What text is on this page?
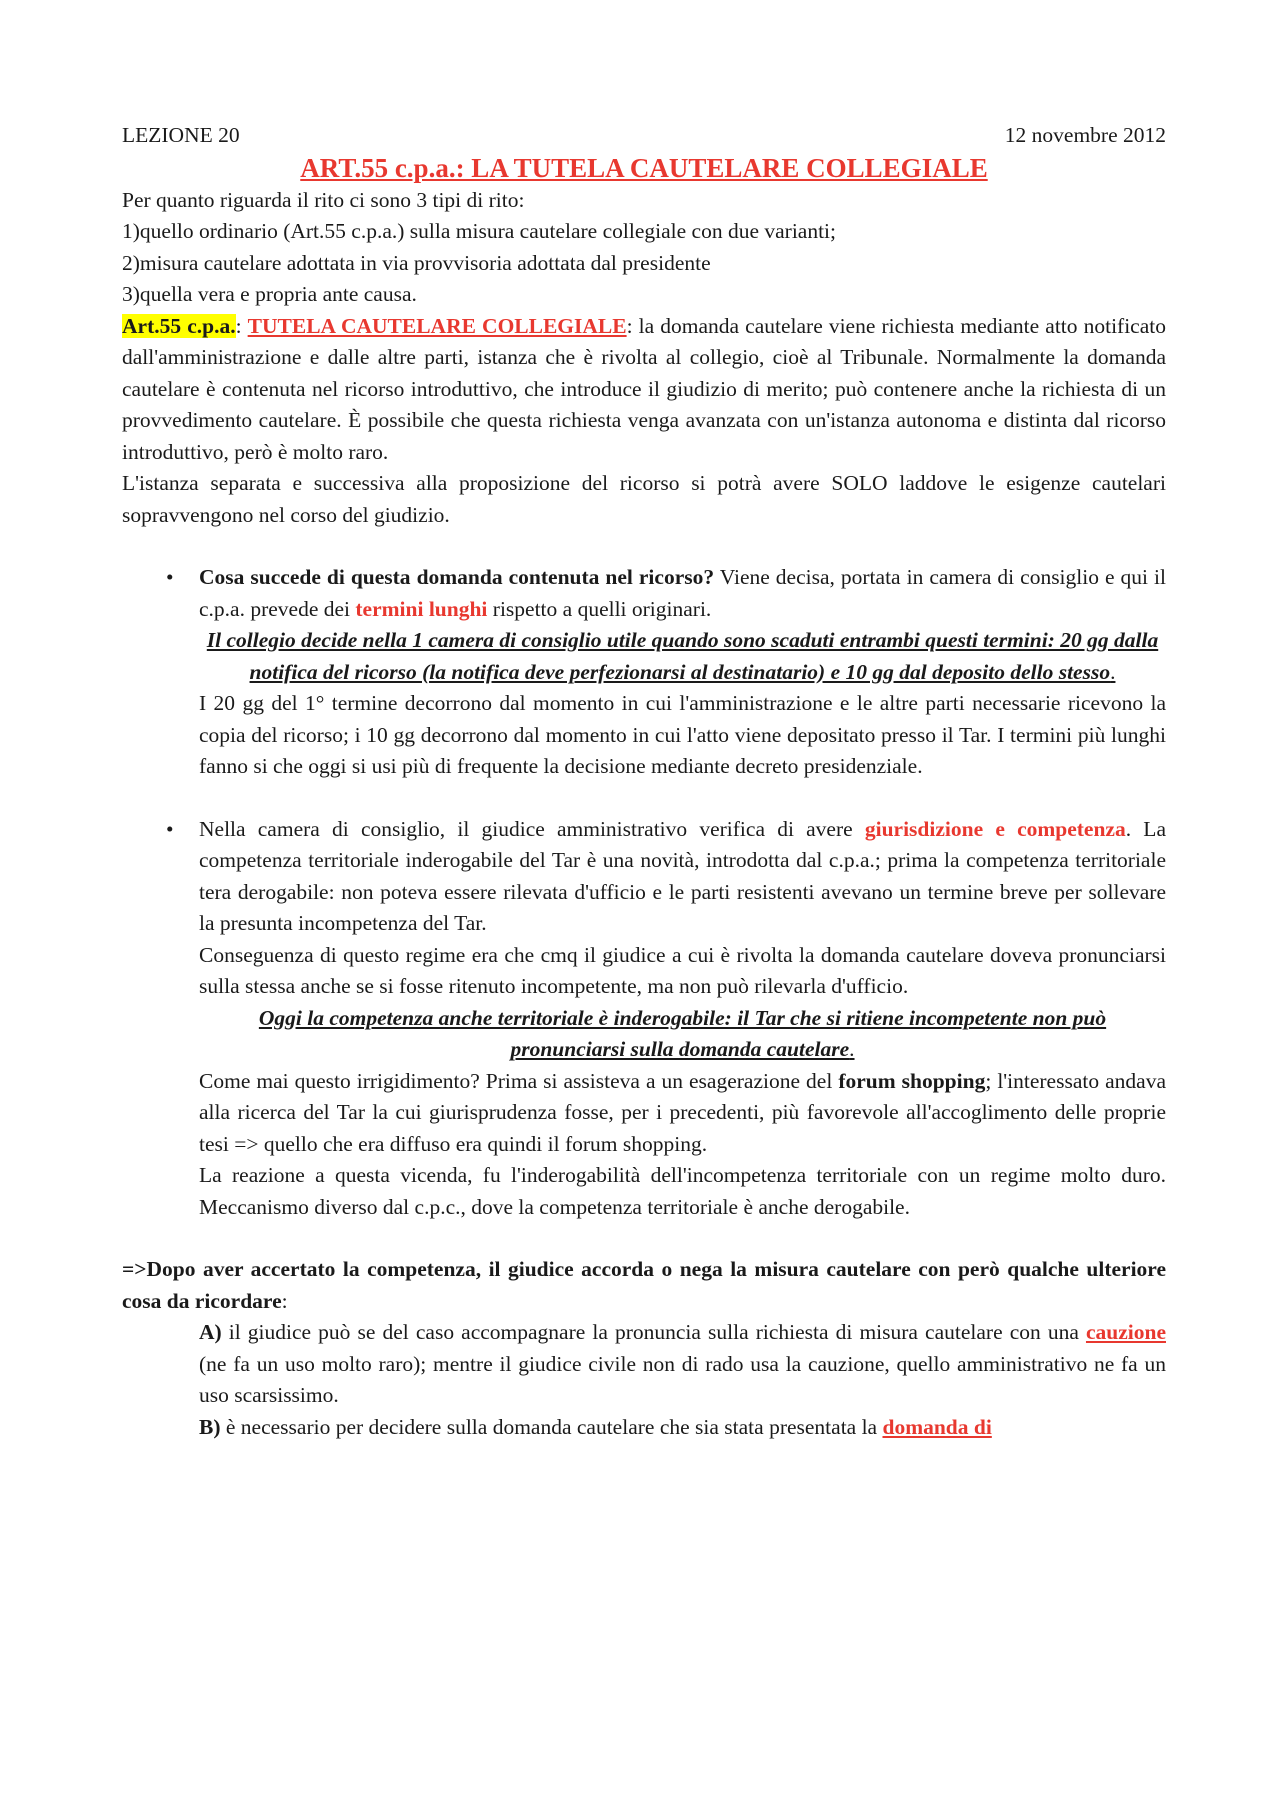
LEZIONE 20	12 novembre 2012
ART.55 c.p.a.: LA TUTELA CAUTELARE COLLEGIALE

Per quanto riguarda il rito ci sono 3 tipi di rito:

1)quello ordinario (Art.55 c.p.a.) sulla misura cautelare collegiale con due varianti;

2)misura cautelare adottata in via provvisoria adottata dal presidente

3)quella vera e propria ante causa.

Art.55 c.p.a.: TUTELA CAUTELARE COLLEGIALE: la domanda cautelare viene richiesta mediante atto notificato dall'amministrazione e dalle altre parti, istanza che è rivolta al collegio, cioè al Tribunale. Normalmente la domanda cautelare è contenuta nel ricorso introduttivo, che introduce il giudizio di merito; può contenere anche la richiesta di un provvedimento cautelare. È possibile che questa richiesta venga avanzata con un'istanza autonoma e distinta dal ricorso introduttivo, però è molto raro.

L'istanza separata e successiva alla proposizione del ricorso si potrà avere SOLO laddove le esigenze cautelari sopravvengono nel corso del giudizio.

•	Cosa succede di questa domanda contenuta nel ricorso? Viene decisa, portata in camera di consiglio e qui il c.p.a. prevede dei termini lunghi rispetto a quelli originari.

Il collegio decide nella 1 camera di consiglio utile quando sono scaduti entrambi questi termini: 20 gg dalla notifica del ricorso (la notifica deve perfezionarsi al destinatario) e 10 gg dal deposito dello stesso.

I 20 gg del 1° termine decorrono dal momento in cui l'amministrazione e le altre parti necessarie ricevono la copia del ricorso; i 10 gg decorrono dal momento in cui l'atto viene depositato presso il Tar. I termini più lunghi fanno si che oggi si usi più di frequente la decisione mediante decreto presidenziale.

•	Nella camera di consiglio, il giudice amministrativo verifica di avere giurisdizione e competenza. La competenza territoriale inderogabile del Tar è una novità, introdotta dal c.p.a.; prima la competenza territoriale tera derogabile: non poteva essere rilevata d'ufficio e le parti resistenti avevano un termine breve per sollevare la presunta incompetenza del Tar.

Conseguenza di questo regime era che cmq il giudice a cui è rivolta la domanda cautelare doveva pronunciarsi sulla stessa anche se si fosse ritenuto incompetente, ma non può rilevarla d'ufficio.

Oggi la competenza anche territoriale è inderogabile: il Tar che si ritiene incompetente non può pronunciarsi sulla domanda cautelare.

Come mai questo irrigidimento? Prima si assisteva a un esagerazione del forum shopping; l'interessato andava alla ricerca del Tar la cui giurisprudenza fosse, per i precedenti, più favorevole all'accoglimento delle proprie tesi => quello che era diffuso era quindi il forum shopping.

La reazione a questa vicenda, fu l'inderogabilità dell'incompetenza territoriale con un regime molto duro. Meccanismo diverso dal c.p.c., dove la competenza territoriale è anche derogabile.

=>Dopo aver accertato la competenza, il giudice accorda o nega la misura cautelare con però qualche ulteriore cosa da ricordare:

A) il giudice può se del caso accompagnare la pronuncia sulla richiesta di misura cautelare con una cauzione (ne fa un uso molto raro); mentre il giudice civile non di rado usa la cauzione, quello amministrativo ne fa un uso scarsissimo.

B) è necessario per decidere sulla domanda cautelare che sia stata presentata la domanda di
